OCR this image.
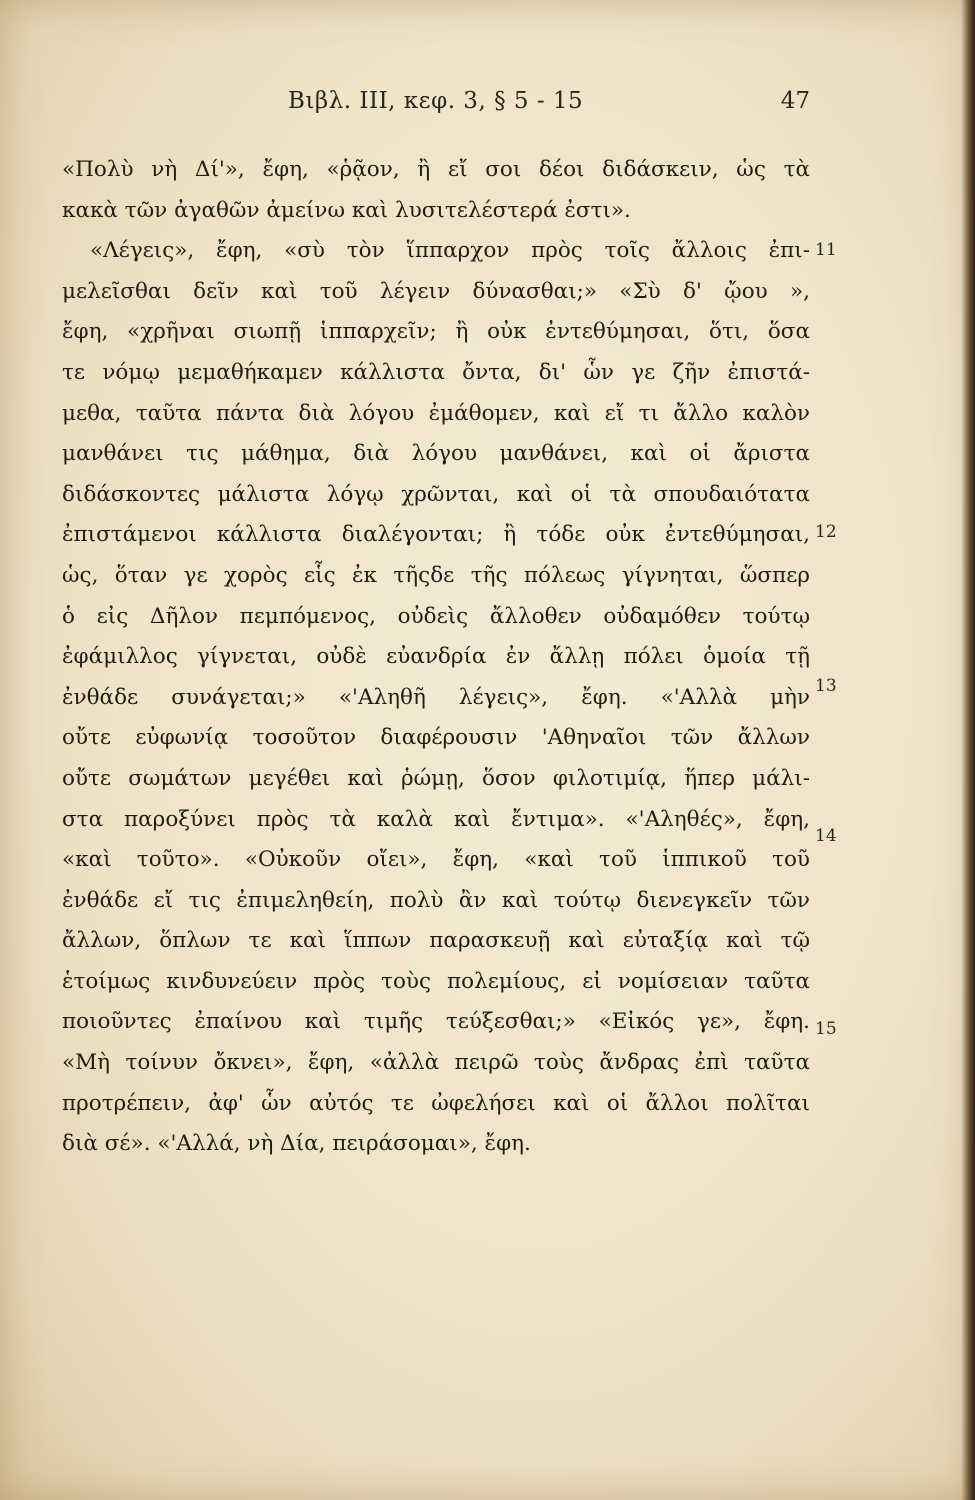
Βιβλ. III, κεφ. 3, § 5 - 15	47
«Πολὺ νὴ Δί'», ἔφη, «ῥᾷον, ἢ εἴ σοι δέοι διδάσκειν, ὡς τὰ
κακὰ τῶν ἀγαθῶν ἀμείνω καὶ λυσιτελέστερά ἐστι».
«Λέγεις», ἔφη, «σὺ τὸν ἵππαρχον πρὸς τοῖς ἄλλοις ἐπι-
μελεῖσθαι δεῖν καὶ τοῦ λέγειν δύνασθαι;» «Σὺ δ' ᾤου »,
ἔφη, «χρῆναι σιωπῇ ἱππαρχεῖν; ἢ οὐκ ἐντεθύμησαι, ὅτι, ὅσα
τε νόμῳ μεμαθήκαμεν κάλλιστα ὄντα, δι' ὧν γε ζῆν ἐπιστά-
μεθα, ταῦτα πάντα διὰ λόγου ἐμάθομεν, καὶ εἴ τι ἄλλο καλὸν
μανθάνει τις μάθημα, διὰ λόγου μανθάνει, καὶ οἱ ἄριστα
διδάσκοντες μάλιστα λόγῳ χρῶνται, καὶ οἱ τὰ σπουδαιότατα
ἐπιστάμενοι κάλλιστα διαλέγονται; ἢ τόδε οὐκ ἐντεθύμησαι,
ὡς, ὅταν γε χορὸς εἷς ἐκ τῆςδε τῆς πόλεως γίγνηται, ὥσπερ
ὁ εἰς Δῆλον πεμπόμενος, οὐδεὶς ἄλλοθεν οὐδαμόθεν τούτῳ
ἐφάμιλλος γίγνεται, οὐδὲ εὐανδρία ἐν ἄλλῃ πόλει ὁμοία τῇ
ἐνθάδε συνάγεται;» «'Αληθῆ λέγεις», ἔφη. «'Αλλὰ μὴν
οὔτε εὐφωνίᾳ τοσοῦτον διαφέρουσιν 'Αθηναῖοι τῶν ἄλλων
οὔτε σωμάτων μεγέθει καὶ ῥώμῃ, ὅσον φιλοτιμίᾳ, ἥπερ μάλι-
στα παροξύνει πρὸς τὰ καλὰ καὶ ἔντιμα». «'Αληθές», ἔφη,
«καὶ τοῦτο». «Οὐκοῦν οἴει», ἔφη, «καὶ τοῦ ἱππικοῦ τοῦ
ἐνθάδε εἴ τις ἐπιμεληθείη, πολὺ ἂν καὶ τούτῳ διενεγκεῖν τῶν
ἄλλων, ὅπλων τε καὶ ἵππων παρασκευῇ καὶ εὐταξίᾳ καὶ τῷ
ἑτοίμως κινδυνεύειν πρὸς τοὺς πολεμίους, εἰ νομίσειαν ταῦτα
ποιοῦντες ἐπαίνου καὶ τιμῆς τεύξεσθαι;» «Εἰκός γε», ἔφη.
«Μὴ τοίνυν ὄκνει», ἔφη, «ἀλλὰ πειρῶ τοὺς ἄνδρας ἐπὶ ταῦτα
προτρέπειν, ἀφ' ὧν αὐτός τε ὠφελήσει καὶ οἱ ἄλλοι πολῖται
διὰ σέ». «'Αλλά, νὴ Δία, πειράσομαι», ἔφη.
11
12
13
14
15
